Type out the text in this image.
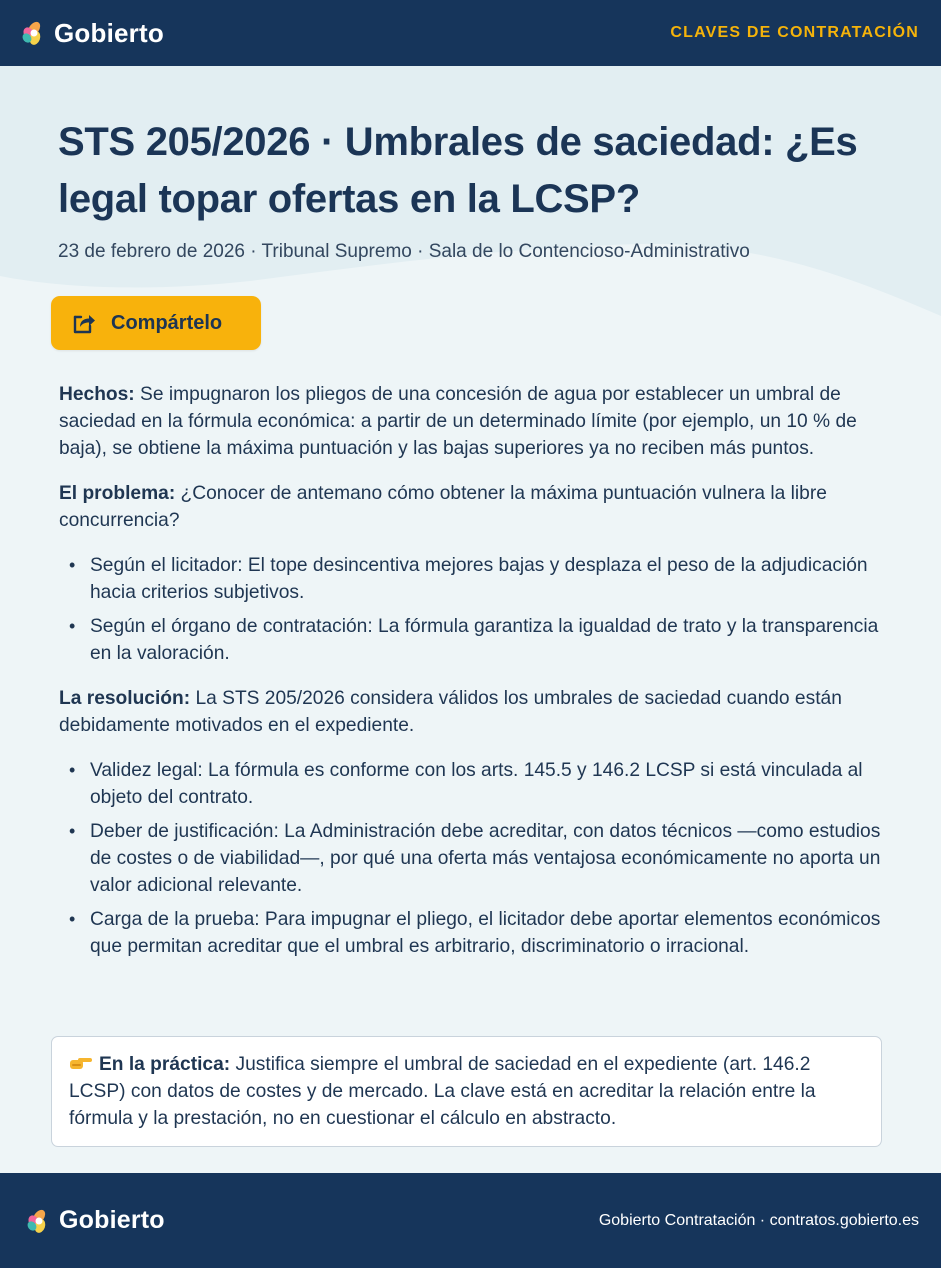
Gobierto	CLAVES DE CONTRATACIÓN
STS 205/2026 · Umbrales de saciedad: ¿Es legal topar ofertas en la LCSP?
23 de febrero de 2026 · Tribunal Supremo · Sala de lo Contencioso-Administrativo
Compártelo

Hechos: Se impugnaron los pliegos de una concesión de agua por establecer un umbral de saciedad en la fórmula económica: a partir de un determinado límite (por ejemplo, un 10 % de baja), se obtiene la máxima puntuación y las bajas superiores ya no reciben más puntos.

El problema: ¿Conocer de antemano cómo obtener la máxima puntuación vulnera la libre concurrencia?

• Según el licitador: El tope desincentiva mejores bajas y desplaza el peso de la adjudicación hacia criterios subjetivos.
• Según el órgano de contratación: La fórmula garantiza la igualdad de trato y la transparencia en la valoración.

La resolución: La STS 205/2026 considera válidos los umbrales de saciedad cuando están debidamente motivados en el expediente.

• Validez legal: La fórmula es conforme con los arts. 145.5 y 146.2 LCSP si está vinculada al objeto del contrato.
• Deber de justificación: La Administración debe acreditar, con datos técnicos —como estudios de costes o de viabilidad—, por qué una oferta más ventajosa económicamente no aporta un valor adicional relevante.
• Carga de la prueba: Para impugnar el pliego, el licitador debe aportar elementos económicos que permitan acreditar que el umbral es arbitrario, discriminatorio o irracional.
En la práctica: Justifica siempre el umbral de saciedad en el expediente (art. 146.2 LCSP) con datos de costes y de mercado. La clave está en acreditar la relación entre la fórmula y la prestación, no en cuestionar el cálculo en abstracto.
Gobierto	Gobierto Contratación · contratos.gobierto.es
